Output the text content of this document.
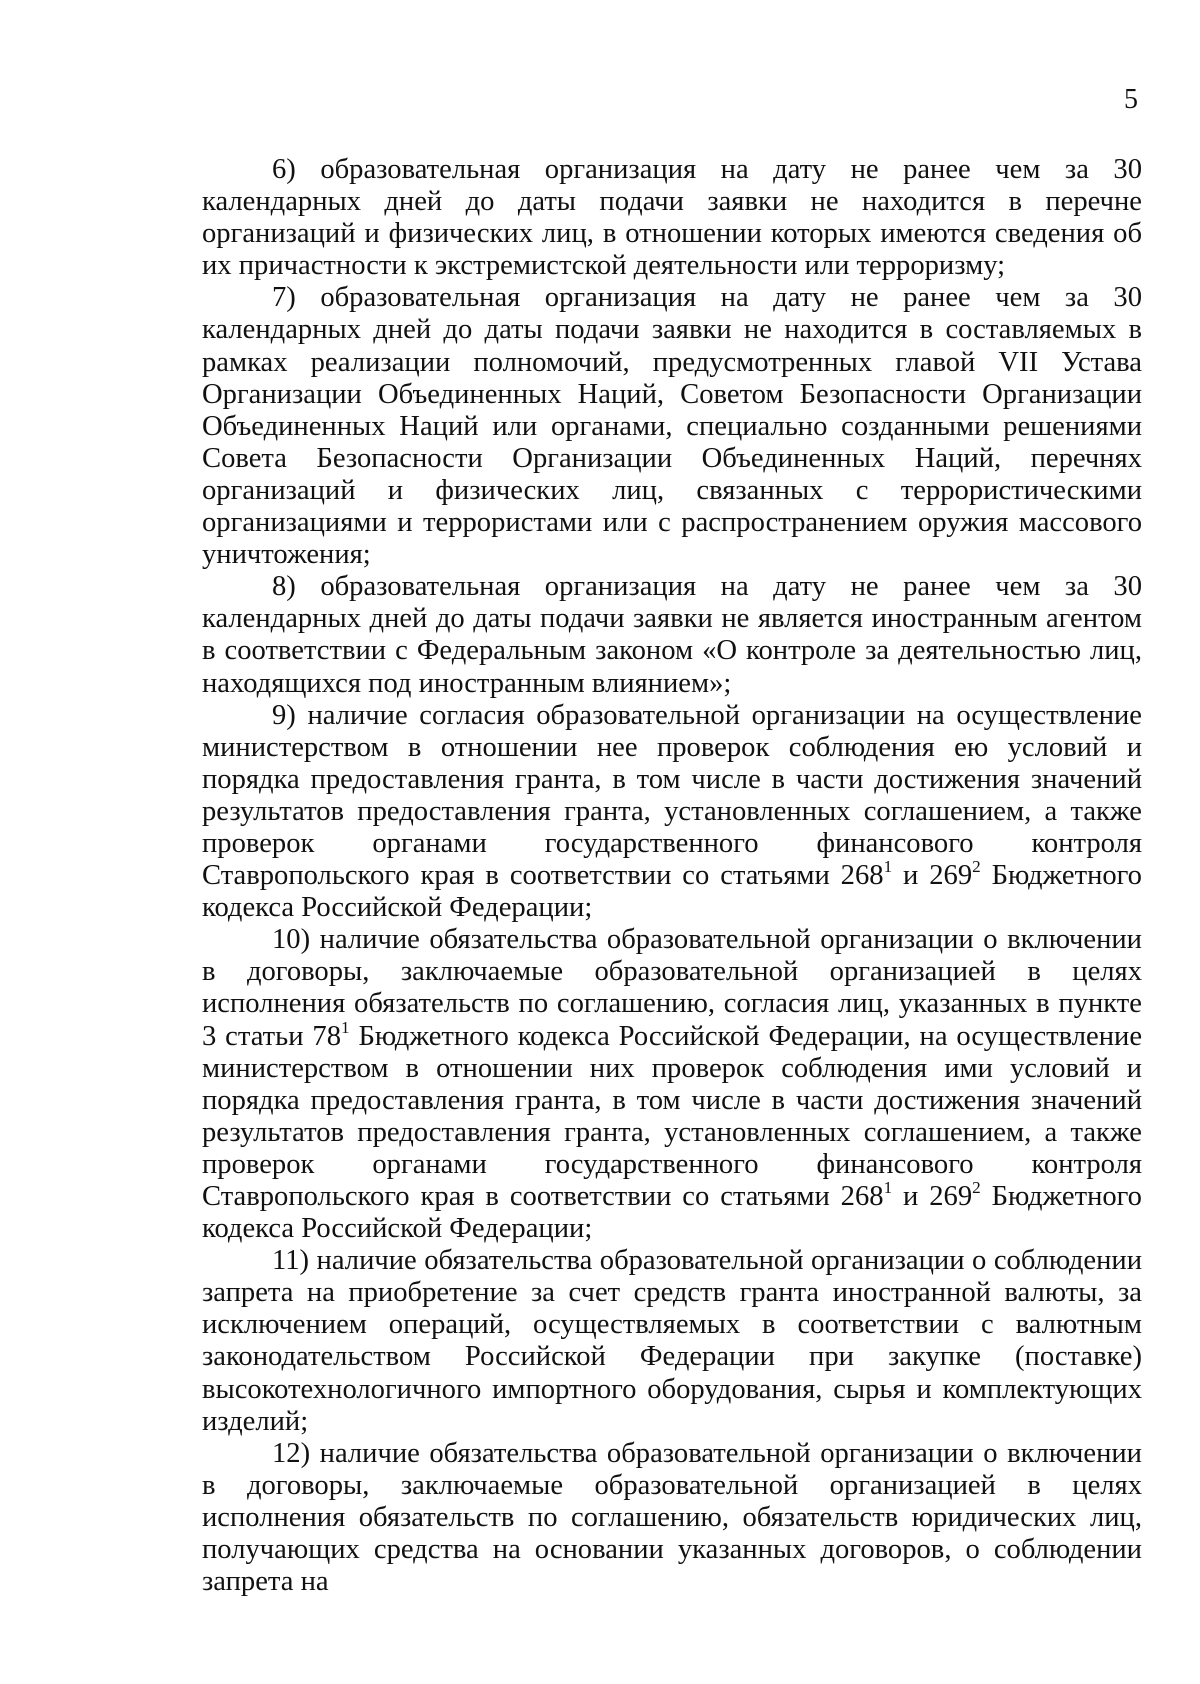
5

6) образовательная организация на дату не ранее чем за 30 календарных дней до даты подачи заявки не находится в перечне организаций и физических лиц, в отношении которых имеются сведения об их причастности к экстремистской деятельности или терроризму;

7) образовательная организация на дату не ранее чем за 30 календарных дней до даты подачи заявки не находится в составляемых в рамках реализации полномочий, предусмотренных главой VII Устава Организации Объединенных Наций, Советом Безопасности Организации Объединенных Наций или органами, специально созданными решениями Совета Безопасности Организации Объединенных Наций, перечнях организаций и физических лиц, связанных с террористическими организациями и террористами или с распространением оружия массового уничтожения;

8) образовательная организация на дату не ранее чем за 30 календарных дней до даты подачи заявки не является иностранным агентом в соответствии с Федеральным законом «О контроле за деятельностью лиц, находящихся под иностранным влиянием»;

9) наличие согласия образовательной организации на осуществление министерством в отношении нее проверок соблюдения ею условий и порядка предоставления гранта, в том числе в части достижения значений результатов предоставления гранта, установленных соглашением, а также проверок органами государственного финансового контроля Ставропольского края в соответствии со статьями $268^1$ и $269^2$ Бюджетного кодекса Российской Федерации;

10) наличие обязательства образовательной организации о включении в договоры, заключаемые образовательной организацией в целях исполнения обязательств по соглашению, согласия лиц, указанных в пункте 3 статьи $78^1$ Бюджетного кодекса Российской Федерации, на осуществление министерством в отношении них проверок соблюдения ими условий и порядка предоставления гранта, в том числе в части достижения значений результатов предоставления гранта, установленных соглашением, а также проверок органами государственного финансового контроля Ставропольского края в соответствии со статьями $268^1$ и $269^2$ Бюджетного кодекса Российской Федерации;

11) наличие обязательства образовательной организации о соблюдении запрета на приобретение за счет средств гранта иностранной валюты, за исключением операций, осуществляемых в соответствии с валютным законодательством Российской Федерации при закупке (поставке) высокотехнологичного импортного оборудования, сырья и комплектующих изделий;

12) наличие обязательства образовательной организации о включении в договоры, заключаемые образовательной организацией в целях исполнения обязательств по соглашению, обязательств юридических лиц, получающих средства на основании указанных договоров, о соблюдении запрета на
